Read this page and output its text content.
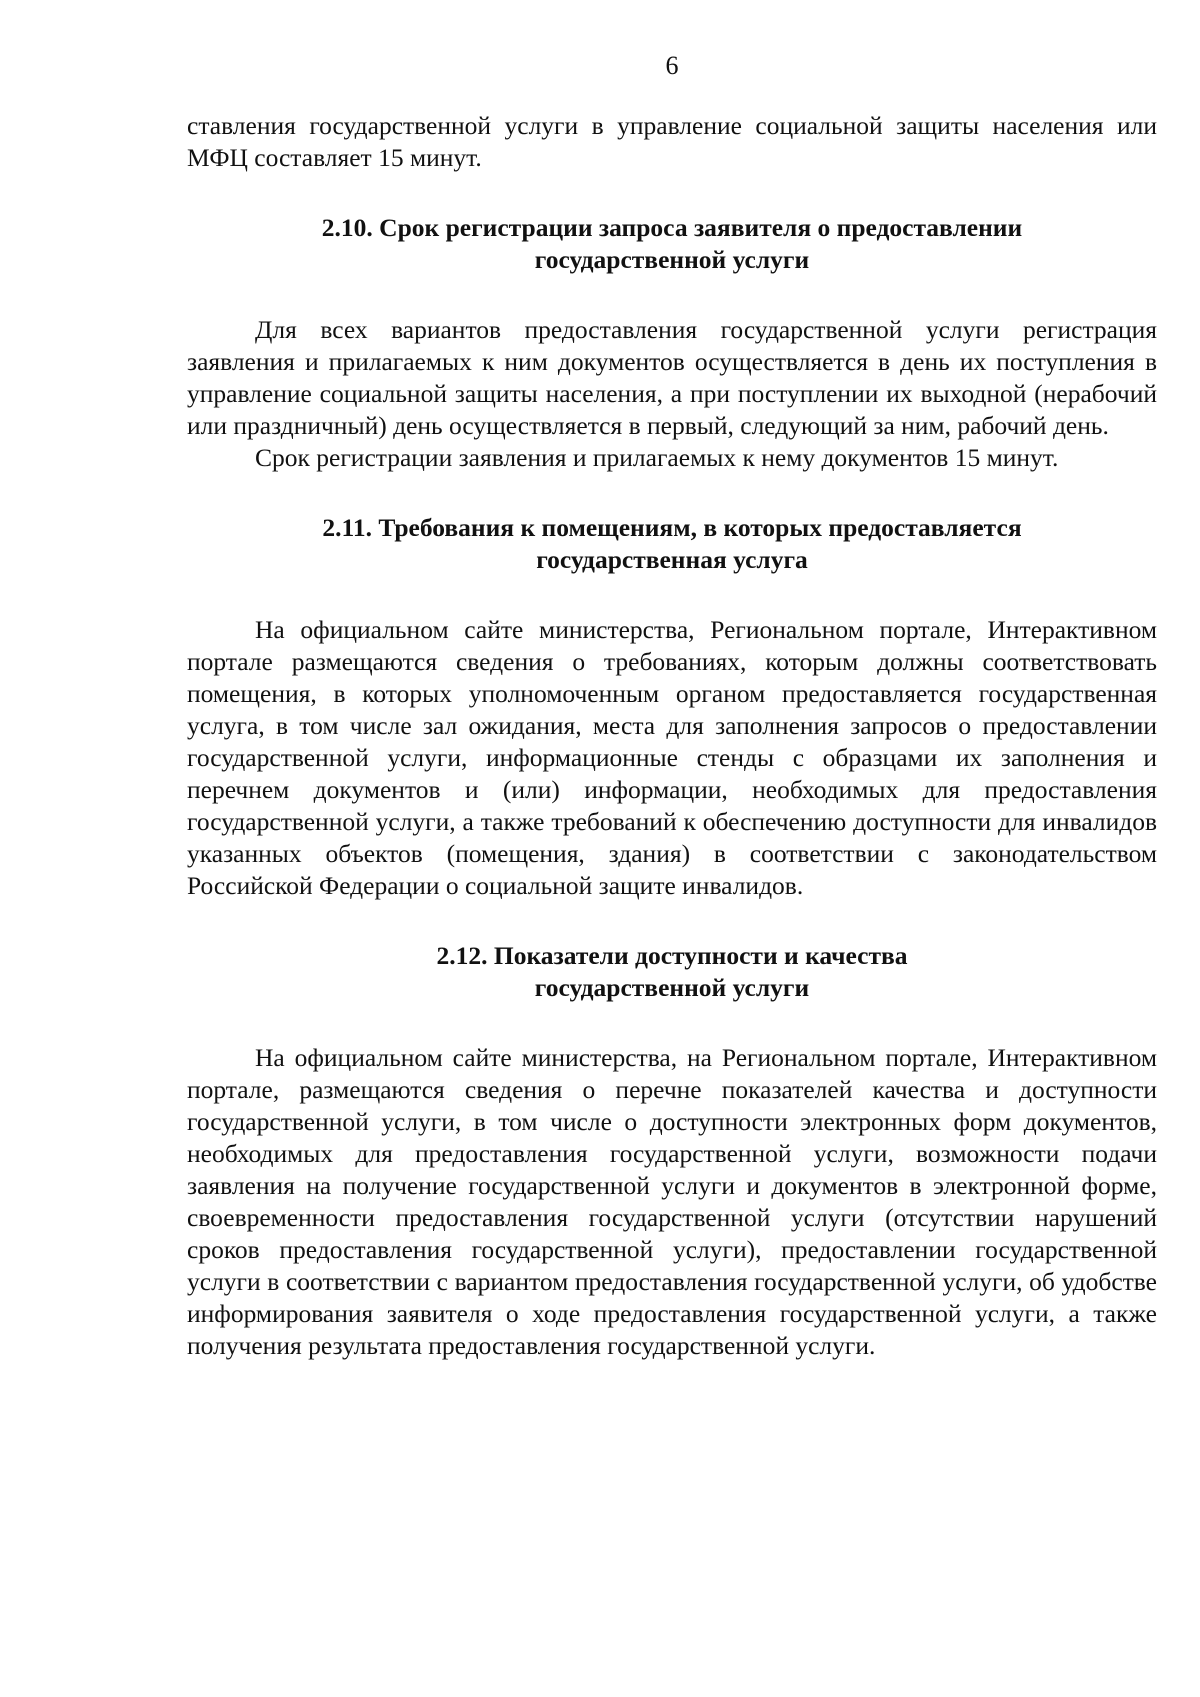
6

ставления государственной услуги в управление социальной защиты населения или МФЦ составляет 15 минут.

2.10. Срок регистрации запроса заявителя о предоставлении
государственной услуги

Для всех вариантов предоставления государственной услуги регистрация заявления и прилагаемых к ним документов осуществляется в день их поступления в управление социальной защиты населения, а при поступлении их выходной (нерабочий или праздничный) день осуществляется в первый, следующий за ним, рабочий день.

Срок регистрации заявления и прилагаемых к нему документов 15 минут.

2.11. Требования к помещениям, в которых предоставляется
государственная услуга

На официальном сайте министерства, Региональном портале, Интерактивном портале размещаются сведения о требованиях, которым должны соответствовать помещения, в которых уполномоченным органом предоставляется государственная услуга, в том числе зал ожидания, места для заполнения запросов о предоставлении государственной услуги, информационные стенды с образцами их заполнения и перечнем документов и (или) информации, необходимых для предоставления государственной услуги, а также требований к обеспечению доступности для инвалидов указанных объектов (помещения, здания) в соответствии с законодательством Российской Федерации о социальной защите инвалидов.

2.12. Показатели доступности и качества
государственной услуги

На официальном сайте министерства, на Региональном портале, Интерактивном портале, размещаются сведения о перечне показателей качества и доступности государственной услуги, в том числе о доступности электронных форм документов, необходимых для предоставления государственной услуги, возможности подачи заявления на получение государственной услуги и документов в электронной форме, своевременности предоставления государственной услуги (отсутствии нарушений сроков предоставления государственной услуги), предоставлении государственной услуги в соответствии с вариантом предоставления государственной услуги, об удобстве информирования заявителя о ходе предоставления государственной услуги, а также получения результата предоставления государственной услуги.
